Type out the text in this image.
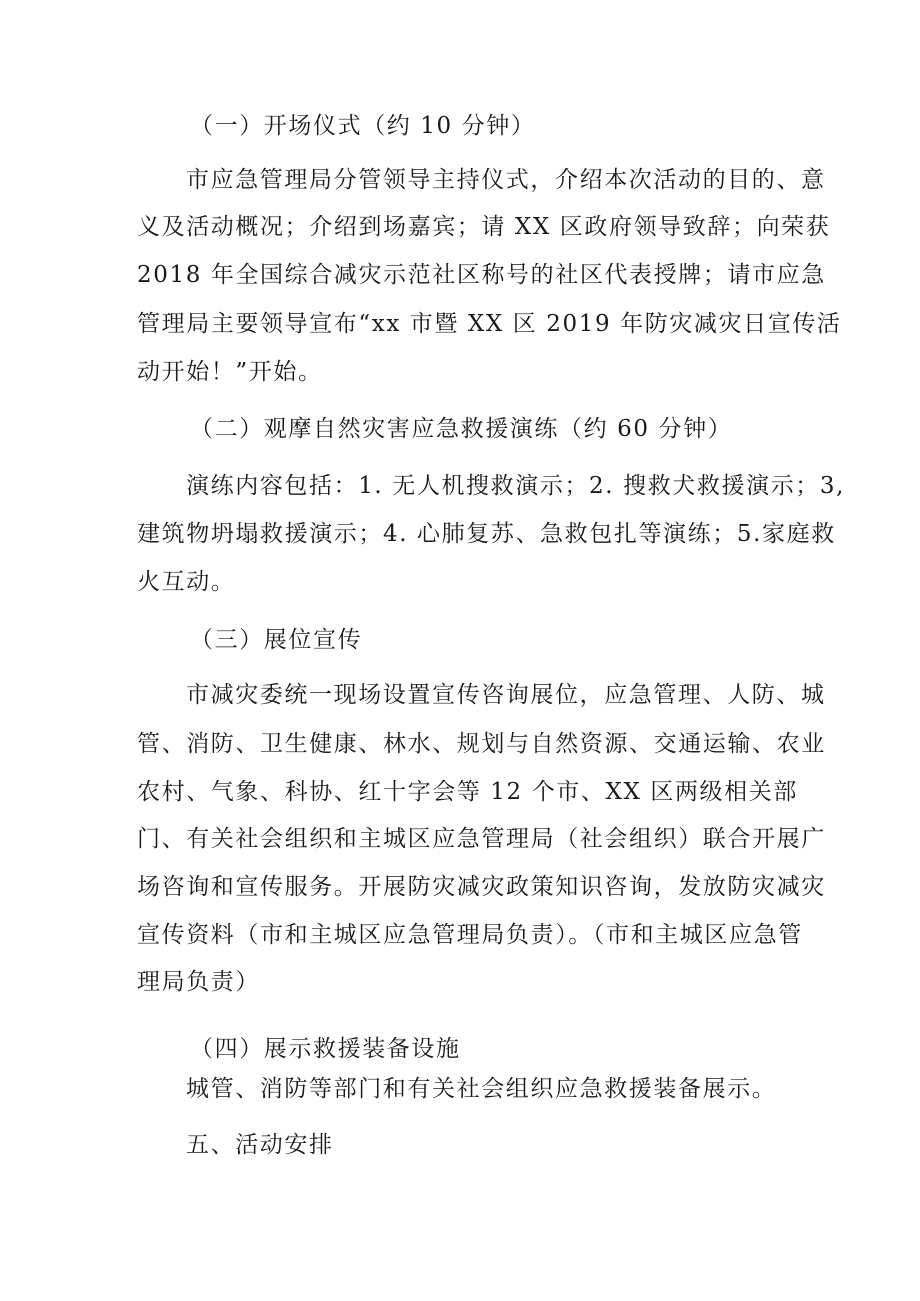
（一）开场仪式（约 10 分钟）
市应急管理局分管领导主持仪式，介绍本次活动的目的、意
义及活动概况；介绍到场嘉宾；请 XX 区政府领导致辞；向荣获
2018 年全国综合减灾示范社区称号的社区代表授牌；请市应急
管理局主要领导宣布“xx 市暨 XX 区 2019 年防灾减灾日宣传活
动开始！”开始。
（二）观摩自然灾害应急救援演练（约 60 分钟）
演练内容包括：1. 无人机搜救演示；2. 搜救犬救援演示；3,
建筑物坍塌救援演示；4. 心肺复苏、急救包扎等演练；5.家庭救
火互动。
（三）展位宣传
市减灾委统一现场设置宣传咨询展位，应急管理、人防、城
管、消防、卫生健康、林水、规划与自然资源、交通运输、农业
农村、气象、科协、红十字会等 12 个市、XX 区两级相关部
门、有关社会组织和主城区应急管理局（社会组织）联合开展广
场咨询和宣传服务。开展防灾减灾政策知识咨询，发放防灾减灾
宣传资料（市和主城区应急管理局负责）。（市和主城区应急管
理局负责）
（四）展示救援装备设施
城管、消防等部门和有关社会组织应急救援装备展示。
五、活动安排
